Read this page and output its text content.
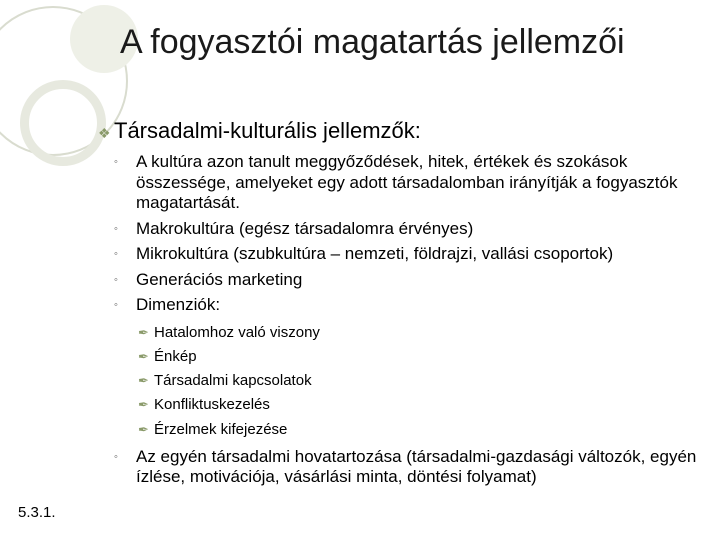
A fogyasztói magatartás jellemzői
❖ Társadalmi-kulturális jellemzők:
◦ A kultúra azon tanult meggyőződések, hitek, értékek és szokások összessége, amelyeket egy adott társadalomban irányítják a fogyasztók magatartását.
◦ Makrokultúra (egész társadalomra érvényes)
◦ Mikrokultúra (szubkultúra – nemzeti, földrajzi, vallási csoportok)
◦ Generációs marketing
◦ Dimenziók:
✒ Hatalomhoz való viszony
✒ Énkép
✒ Társadalmi kapcsolatok
✒ Konfliktuskezelés
✒ Érzelmek kifejezése
◦ Az egyén társadalmi hovatartozása (társadalmi-gazdasági változók, egyén ízlése, motivációja, vásárlási minta, döntési folyamat)
5.3.1.
